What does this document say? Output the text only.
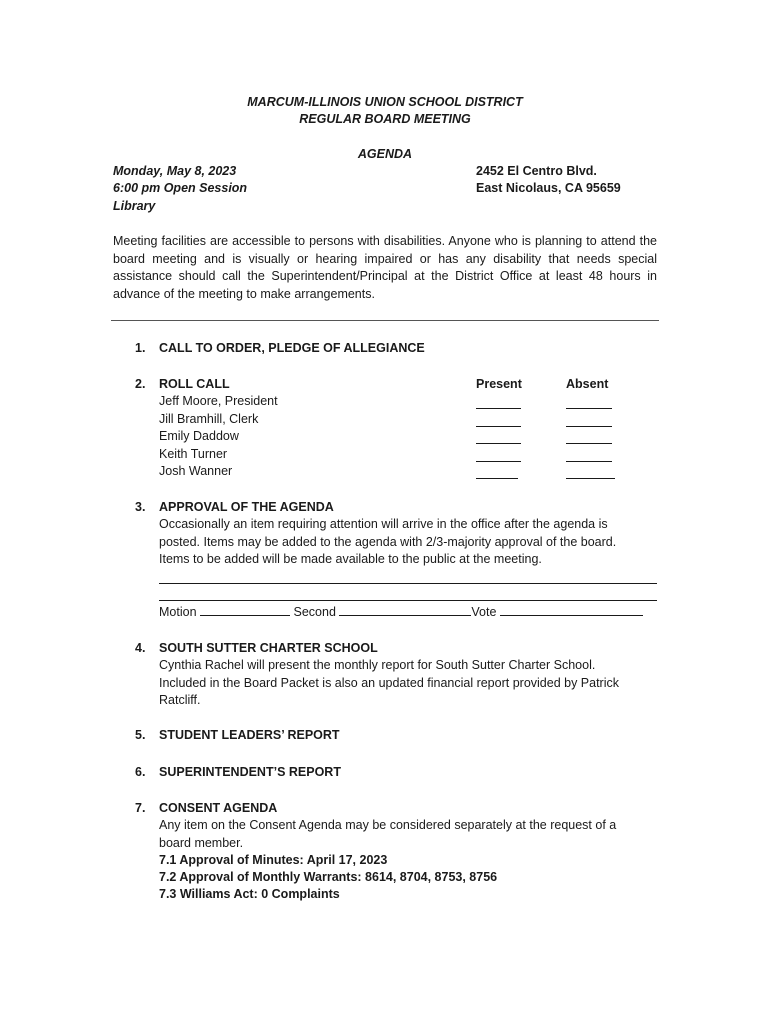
MARCUM-ILLINOIS UNION SCHOOL DISTRICT
REGULAR BOARD MEETING
AGENDA
Monday, May 8, 2023
6:00 pm Open Session
Library
2452 El Centro Blvd.
East Nicolaus, CA 95659
Meeting facilities are accessible to persons with disabilities. Anyone who is planning to attend the board meeting and is visually or hearing impaired or has any disability that needs special assistance should call the Superintendent/Principal at the District Office at least 48 hours in advance of the meeting to make arrangements.
1. CALL TO ORDER, PLEDGE OF ALLEGIANCE
2. ROLL CALL	Present	Absent
Jeff Moore, President
Jill Bramhill, Clerk
Emily Daddow
Keith Turner
Josh Wanner
3. APPROVAL OF THE AGENDA
Occasionally an item requiring attention will arrive in the office after the agenda is posted. Items may be added to the agenda with 2/3-majority approval of the board. Items to be added will be made available to the public at the meeting.
Motion	Second	Vote
4. SOUTH SUTTER CHARTER SCHOOL
Cynthia Rachel will present the monthly report for South Sutter Charter School. Included in the Board Packet is also an updated financial report provided by Patrick Ratcliff.
5. STUDENT LEADERS’ REPORT
6. SUPERINTENDENT’S REPORT
7. CONSENT AGENDA
Any item on the Consent Agenda may be considered separately at the request of a board member.
7.1 Approval of Minutes: April 17, 2023
7.2 Approval of Monthly Warrants: 8614, 8704, 8753, 8756
7.3 Williams Act: 0 Complaints
